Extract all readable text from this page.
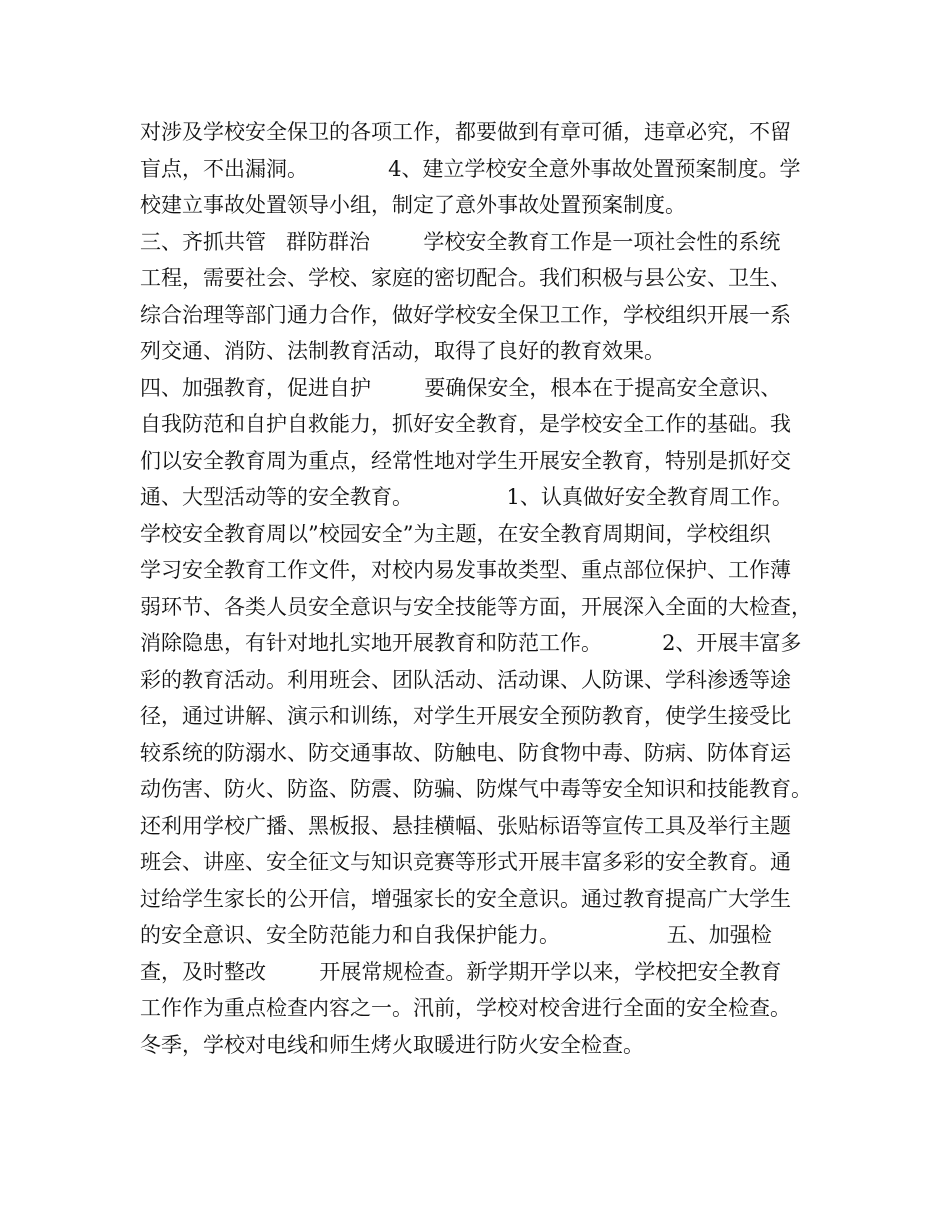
对涉及学校安全保卫的各项工作，都要做到有章可循，违章必究，不留
盲点，不出漏洞。            4、建立学校安全意外事故处置预案制度。学
校建立事故处置领导小组，制定了意外事故处置预案制度。
三、齐抓共管   群防群治        学校安全教育工作是一项社会性的系统
工程，需要社会、学校、家庭的密切配合。我们积极与县公安、卫生、
综合治理等部门通力合作，做好学校安全保卫工作，学校组织开展一系
列交通、消防、法制教育活动，取得了良好的教育效果。
四、加强教育，促进自护        要确保安全，根本在于提高安全意识、
自我防范和自护自救能力，抓好安全教育，是学校安全工作的基础。我
们以安全教育周为重点，经常性地对学生开展安全教育，特别是抓好交
通、大型活动等的安全教育。              1、认真做好安全教育周工作。
学校安全教育周以”校园安全”为主题，在安全教育周期间，学校组织
学习安全教育工作文件，对校内易发事故类型、重点部位保护、工作薄
弱环节、各类人员安全意识与安全技能等方面，开展深入全面的大检查，
消除隐患，有针对地扎实地开展教育和防范工作。         2、开展丰富多
彩的教育活动。利用班会、团队活动、活动课、人防课、学科渗透等途
径，通过讲解、演示和训练，对学生开展安全预防教育，使学生接受比
较系统的防溺水、防交通事故、防触电、防食物中毒、防病、防体育运
动伤害、防火、防盗、防震、防骗、防煤气中毒等安全知识和技能教育。
还利用学校广播、黑板报、悬挂横幅、张贴标语等宣传工具及举行主题
班会、讲座、安全征文与知识竞赛等形式开展丰富多彩的安全教育。通
过给学生家长的公开信，增强家长的安全意识。通过教育提高广大学生
的安全意识、安全防范能力和自我保护能力。                五、加强检
查，及时整改        开展常规检查。新学期开学以来，学校把安全教育
工作作为重点检查内容之一。汛前，学校对校舍进行全面的安全检查。
冬季，学校对电线和师生烤火取暖进行防火安全检查。
